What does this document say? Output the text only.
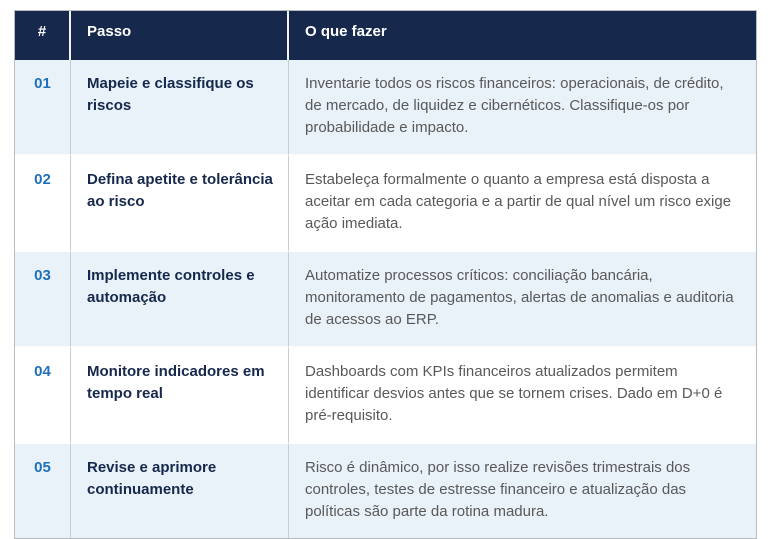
#	Passo	O que fazer
01	Mapeie e classifique os riscos	Inventarie todos os riscos financeiros: operacionais, de crédito, de mercado, de liquidez e cibernéticos. Classifique-os por probabilidade e impacto.
02	Defina apetite e tolerância ao risco	Estabeleça formalmente o quanto a empresa está disposta a aceitar em cada categoria e a partir de qual nível um risco exige ação imediata.
03	Implemente controles e automação	Automatize processos críticos: conciliação bancária, monitoramento de pagamentos, alertas de anomalias e auditoria de acessos ao ERP.
04	Monitore indicadores em tempo real	Dashboards com KPIs financeiros atualizados permitem identificar desvios antes que se tornem crises. Dado em D+0 é pré-requisito.
05	Revise e aprimore continuamente	Risco é dinâmico, por isso realize revisões trimestrais dos controles, testes de estresse financeiro e atualização das políticas são parte da rotina madura.
